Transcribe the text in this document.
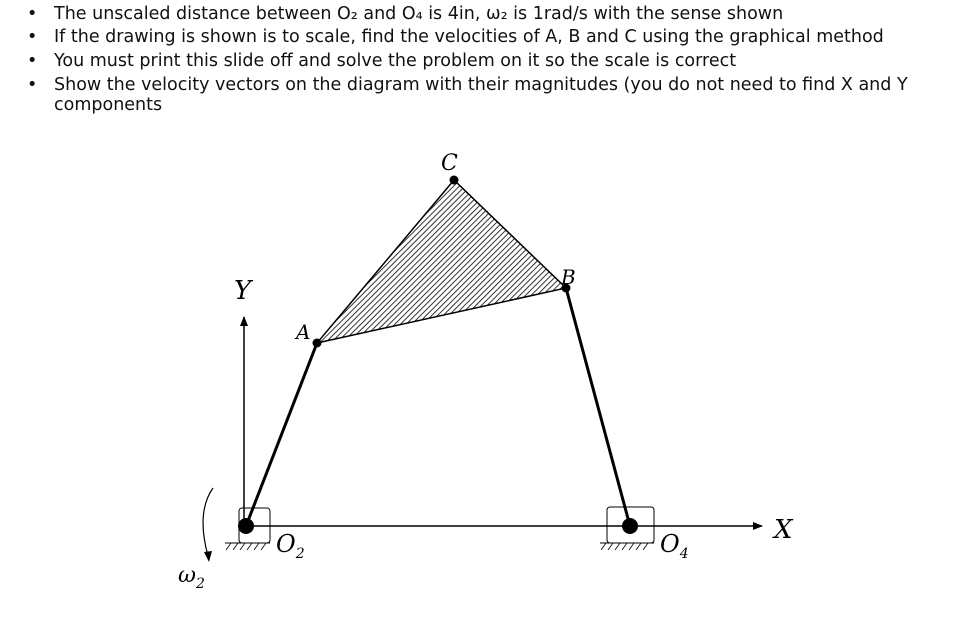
• The unscaled distance between O₂ and O₄ is 4in, ω₂ is 1rad/s with the sense shown
• If the drawing is shown is to scale, find the velocities of A, B and C using the graphical method
• You must print this slide off and solve the problem on it so the scale is correct
• Show the velocity vectors on the diagram with their magnitudes (you do not need to find X and Y
components
C
B
A
Y
X
$O_2$	$O_4$
$\omega_2$
